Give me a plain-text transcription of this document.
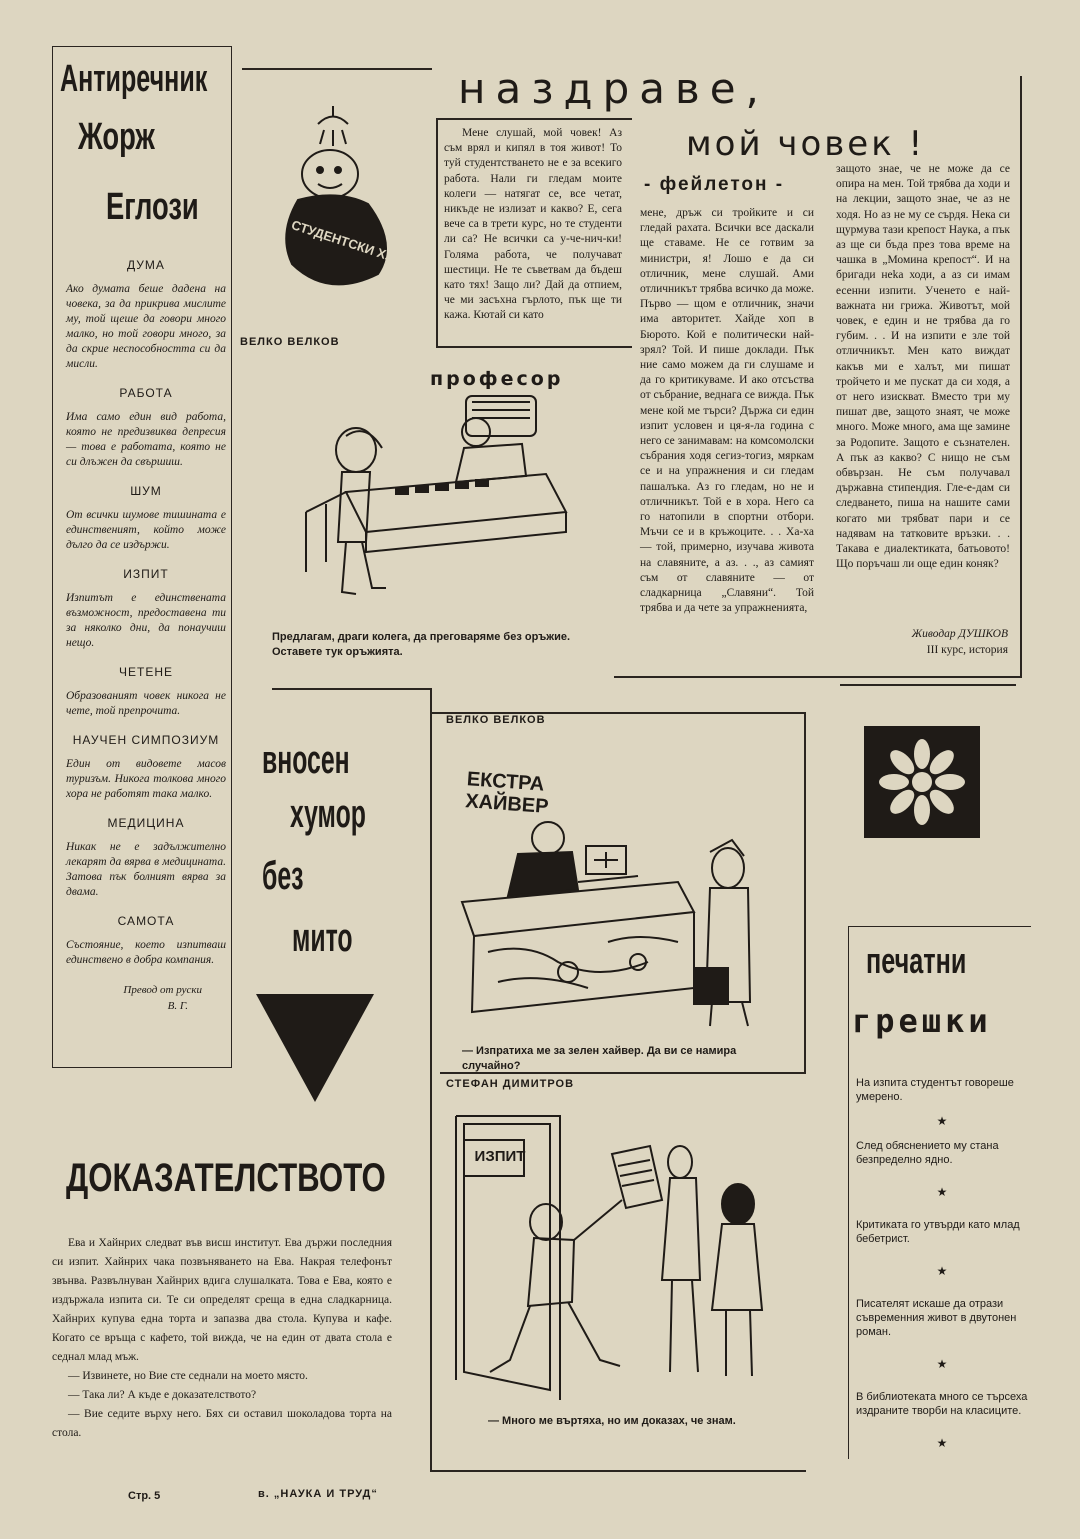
Антиречник
Жорж
Еглози
ДУМА

Ако думата беше дадена на човека, за да прикрива мислите му, той щеше да говори много малко, но той говори много, за да скрие неспособността си да мисли.

РАБОТА

Има само един вид работа, която не предизвиква депресия — това е работата, която не си длъжен да свършиш.

ШУМ

От всички шумове тишината е единственият, който може дълго да се издържи.

ИЗПИТ

Изпитът е единствената възможност, предоставена ти за няколко дни, да понаучиш нещо.

ЧЕТЕНЕ

Образованият човек никога не чете, той препрочита.

НАУЧЕН СИМПОЗИУМ

Един от видовете масов туризъм. Никога толкова много хора не работят така малко.

МЕДИЦИНА

Никак не е задължително лекарят да вярва в медицината. Затова пък болният вярва за двама.

САМОТА

Състояние, което изпитваш единствено в добра компания.

Превод от руски
В. Г.
СТУДЕНТСКИ ХУМОР
ВЕЛКО ВЕЛКОВ
наздраве,
мой човек !
- фейлетон -

Мене слушай, мой човек! Аз съм врял и кипял в тоя живот! То туй студентстването не е за всекиго работа. Нали ги гледам моите колеги — натягат се, все четат, никъде не излизат и какво? Е, сега вече са в трети курс, но те студенти ли са? Не всички са у-че-нич-ки! Голяма работа, че получават шестици. Не те съветвам да бъдеш като тях! Защо ли? Дай да отпием, че ми засъхна гърлото, пък ще ти кажа. Кютай си като

мене, дръж си тройките и си гледай рахата. Всички все даскали ще ставаме. Не се готвим за министри, я! Лошо е да си отличник, мене слушай. Ами отличникът трябва всичко да може. Първо — щом е отличник, значи има авторитет. Хайде хоп в Бюрото. Кой е политически най-зрял? Той. И пише доклади. Пък ние само можем да ги слушаме и да го критикуваме. И ако отсъства от събрание, веднага се вижда. Пък мене кой ме търси? Държа си един изпит условен и ця-я-ла година с него се занимавам: на комсомолски събрания ходя сегиз-тогиз, мяркам се и на упражнения и си гледам пашалъка. Аз го гледам, но не и отличникът. Той е в хора. Него са го натопили в спортни отбори. Мъчи се и в кръжоците. . . Ха-ха — той, примерно, изучава живота на славяните, а аз. . ., аз самият съм от славяните — от сладкарница „Славяни“. Той трябва и да чете за упражненията,

защото знае, че не може да се опира на мен. Той трябва да ходи и на лекции, защото знае, че аз не ходя. Но аз не му се сърдя. Нека си щурмува тази крепост Наука, а пък аз ще си бъда през това време на чашка в „Момина крепост“. И на бригади неka ходи, а аз си имам есенни изпити. Ученето е най-важната ни грижа. Животът, мой човек, е един и не трябва да го губим. . . И на изпити е зле той отличникът. Мен като виждат какъв ми е халът, ми пишат тройчето и ме пускат да си ходя, а от него изискват. Вместо три му пишат две, защото знаят, че може много. Може много, ама ще замине за Родопите. Защото е съзнателен. А пък аз какво? С нищо не съм обвързан. Не съм получавал държавна стипендия. Гле-е-дам си следването, пиша на нашите сами когато ми трябват пари и се надявам на татковите връзки. . . Такава е диалектиката, батьовото! Що поръчаш ли още един коняк?

Живодар ДУШКОВ
III курс, история
професор

Предлагам, драги колега, да преговаряме без оръжие. Оставете тук оръжията.

вносен
хумор
без
мито
ВЕЛКО ВЕЛКОВ
ЕКСТРА ХАЙВЕР

— Изпратиха ме за зелен хайвер. Да ви се намира случайно?

СТЕФАН ДИМИТРОВ
ИЗПИТ

— Много ме въртяха, но им доказах, че знам.

ДОКАЗАТЕЛСТВОТО

Ева и Хайнрих следват във висш институт. Ева държи последния си изпит. Хайнрих чака позвъняването на Ева. Накрая телефонът звънва. Развълнуван Хайнрих вдига слушалката. Това е Ева, която е издържала изпита си. Те си определят среща в една сладкарница. Хайнрих купува една торта и запазва два стола. Купува и кафе. Когато се връща с кафето, той вижда, че на един от двата стола е седнал млад мъж.

— Извинете, но Вие сте седнали на моето място.

— Така ли? А къде е доказателството?

— Вие седите върху него. Бях си оставил шоколадова торта на стола.

печатни
грешки

На изпита студентът говореше умерено.

★

След обяснението му стана безпределно ядно.

★

Критиката го утвърди като млад бебетрист.

★

Писателят искаше да отрази съвременния живот в двутонен роман.

★

В библиотеката много се търсеха издраните творби на класиците.

★
Стр. 5	в. „НАУКА И ТРУД“
